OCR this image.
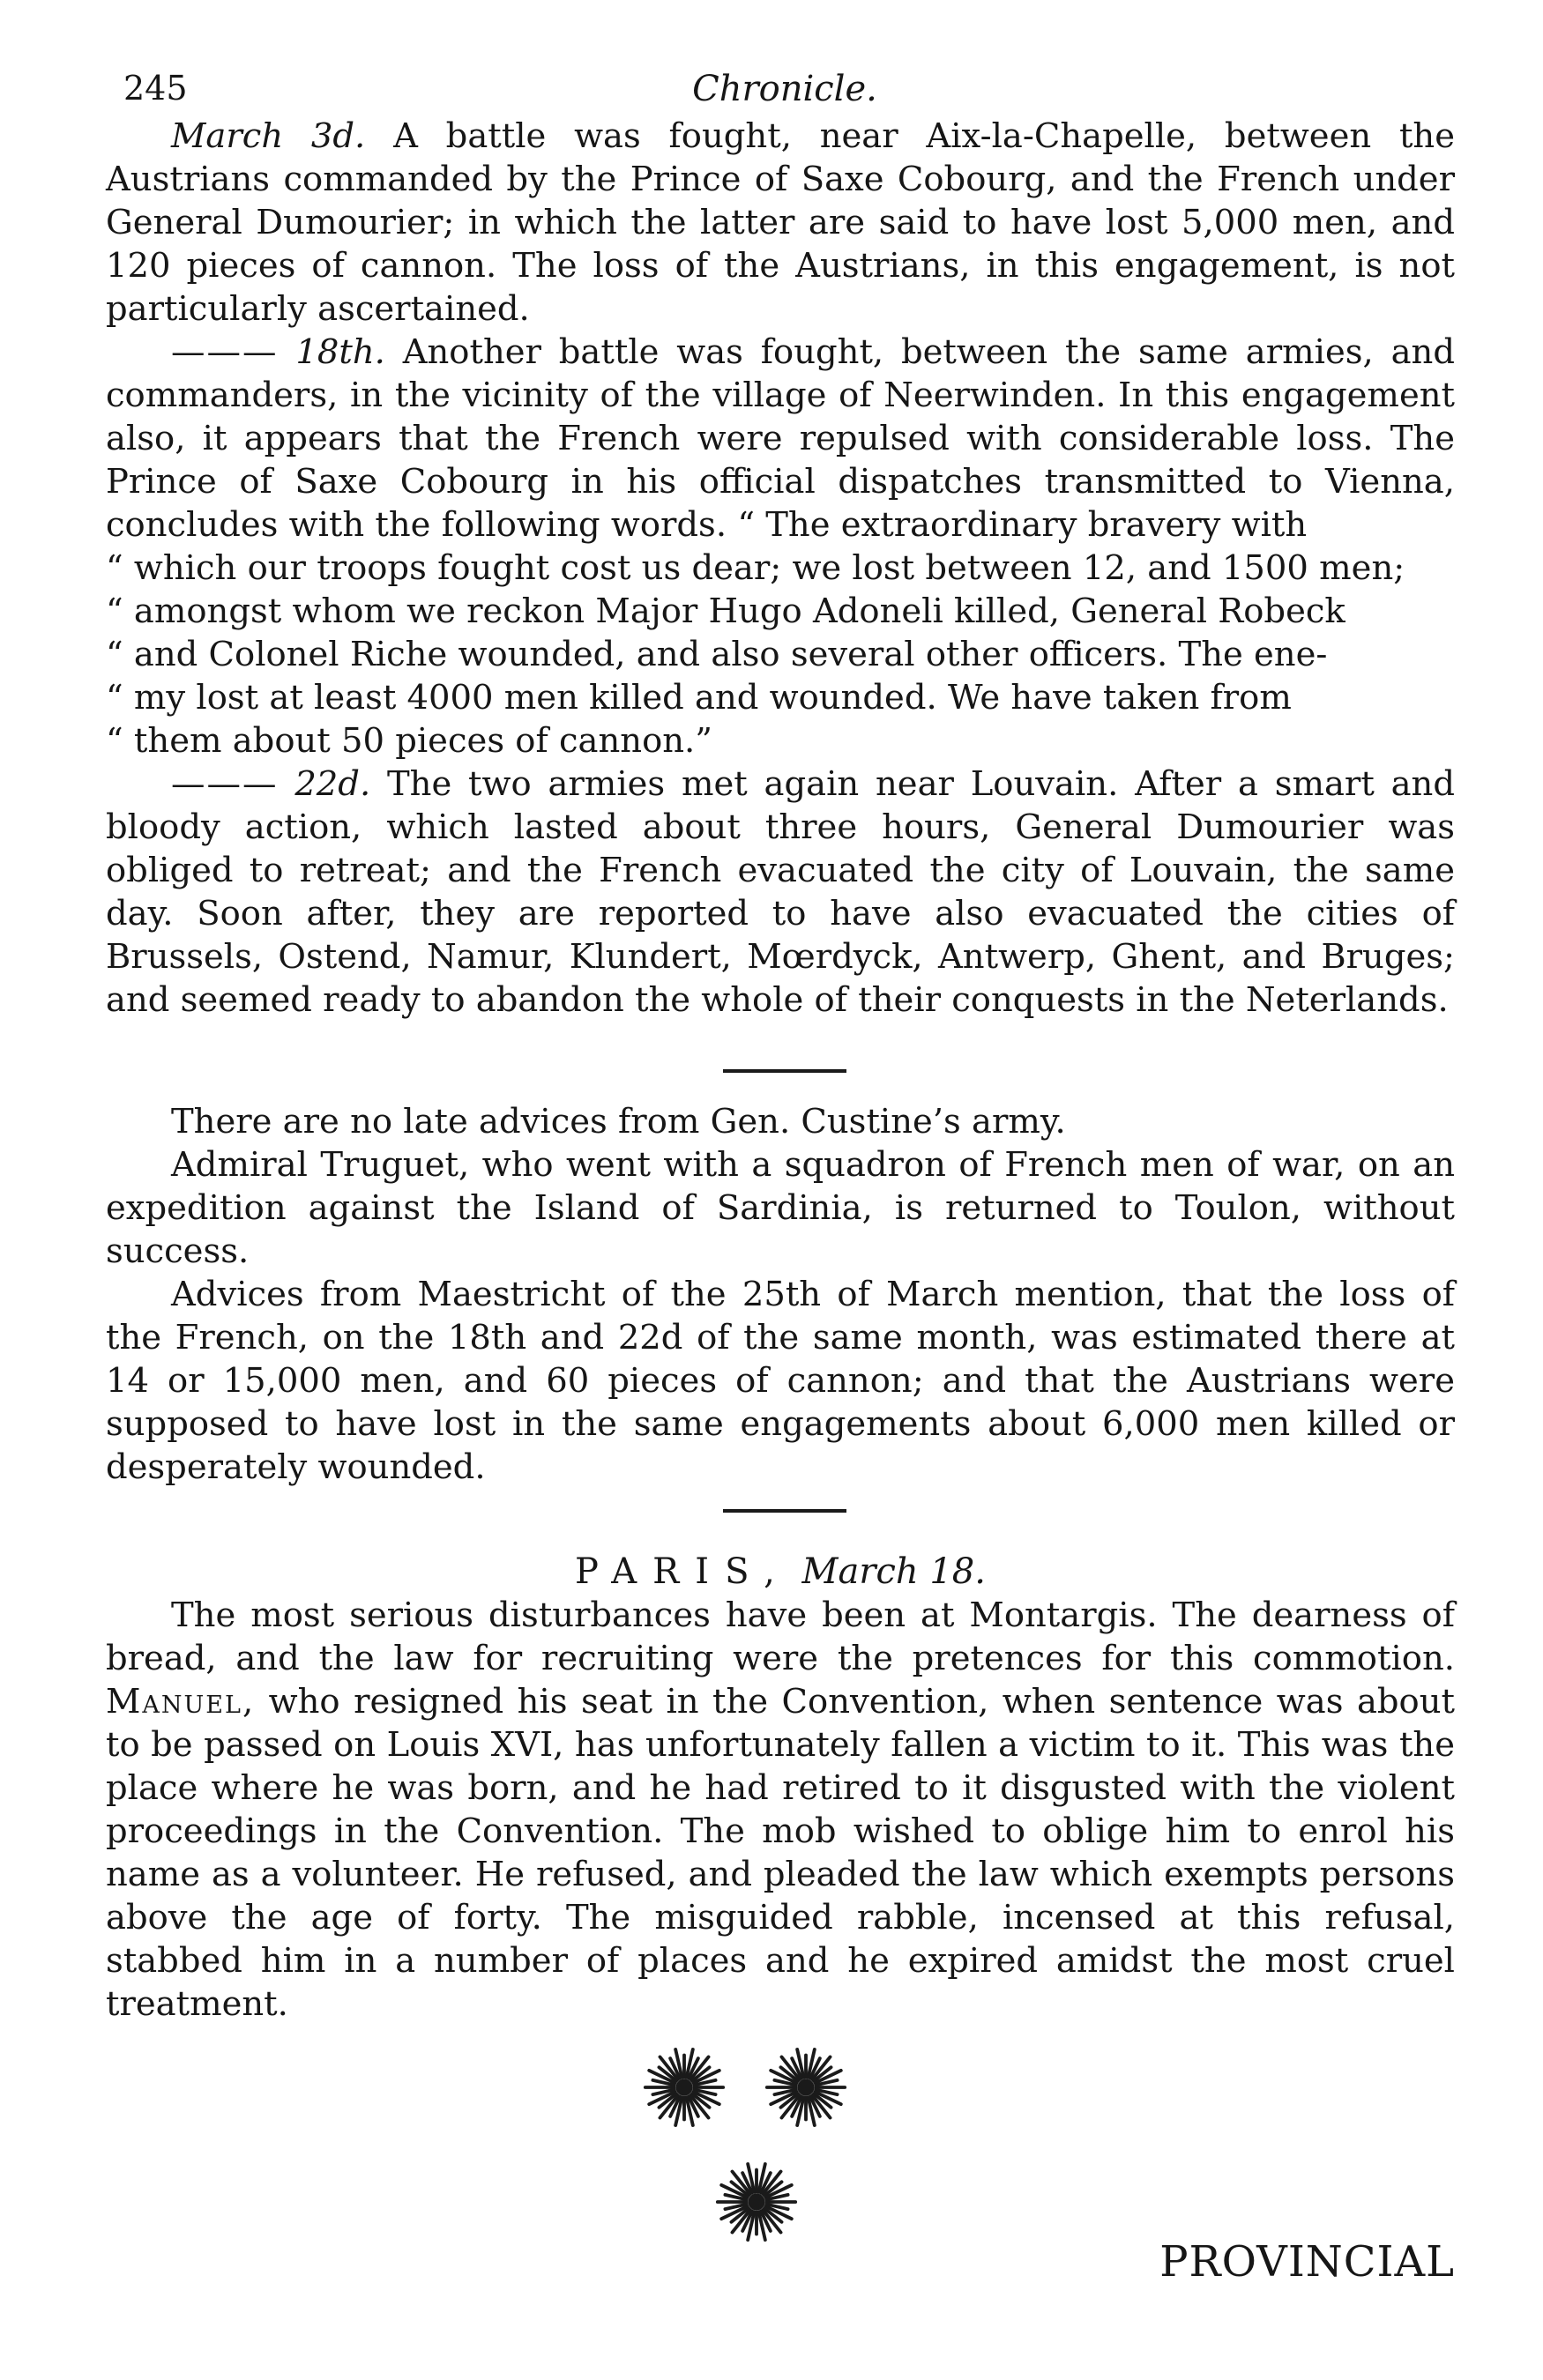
245	Chronicle.

March 3d. A battle was fought, near Aix-la-Chapelle, between the Austrians commanded by the Prince of Saxe Cobourg, and the French under General Dumourier; in which the latter are said to have lost 5,000 men, and 120 pieces of cannon. The loss of the Austrians, in this engagement, is not particularly ascertained.

——— 18th. Another battle was fought, between the same armies, and commanders, in the vicinity of the village of Neerwinden. In this engagement also, it appears that the French were repulsed with considerable loss. The Prince of Saxe Cobourg in his official dispatches transmitted to Vienna, concludes with the following words. “ The extraordinary bravery with

“ which our troops fought cost us dear; we lost between 12, and 1500 men;

“ amongst whom we reckon Major Hugo Adoneli killed, General Robeck

“ and Colonel Riche wounded, and also several other officers. The ene-

“ my lost at least 4000 men killed and wounded. We have taken from

“ them about 50 pieces of cannon.”

——— 22d. The two armies met again near Louvain. After a smart and bloody action, which lasted about three hours, General Dumourier was obliged to retreat; and the French evacuated the city of Louvain, the same day. Soon after, they are reported to have also evacuated the cities of Brussels, Ostend, Namur, Klundert, Mœrdyck, Antwerp, Ghent, and Bruges; and seemed ready to abandon the whole of their conquests in the Neterlands.

There are no late advices from Gen. Custine’s army.

Admiral Truguet, who went with a squadron of French men of war, on an expedition against the Island of Sardinia, is returned to Toulon, without success.

Advices from Maestricht of the 25th of March mention, that the loss of the French, on the 18th and 22d of the same month, was estimated there at 14 or 15,000 men, and 60 pieces of cannon; and that the Austrians were supposed to have lost in the same engagements about 6,000 men killed or desperately wounded.

PARIS, March 18.

The most serious disturbances have been at Montargis. The dearness of bread, and the law for recruiting were the pretences for this commotion. Manuel, who resigned his seat in the Convention, when sentence was about to be passed on Louis XVI, has unfortunately fallen a victim to it. This was the place where he was born, and he had retired to it disgusted with the violent proceedings in the Convention. The mob wished to oblige him to enrol his name as a volunteer. He refused, and pleaded the law which exempts persons above the age of forty. The misguided rabble, incensed at this refusal, stabbed him in a number of places and he expired amidst the most cruel treatment.

PROVINCIAL
